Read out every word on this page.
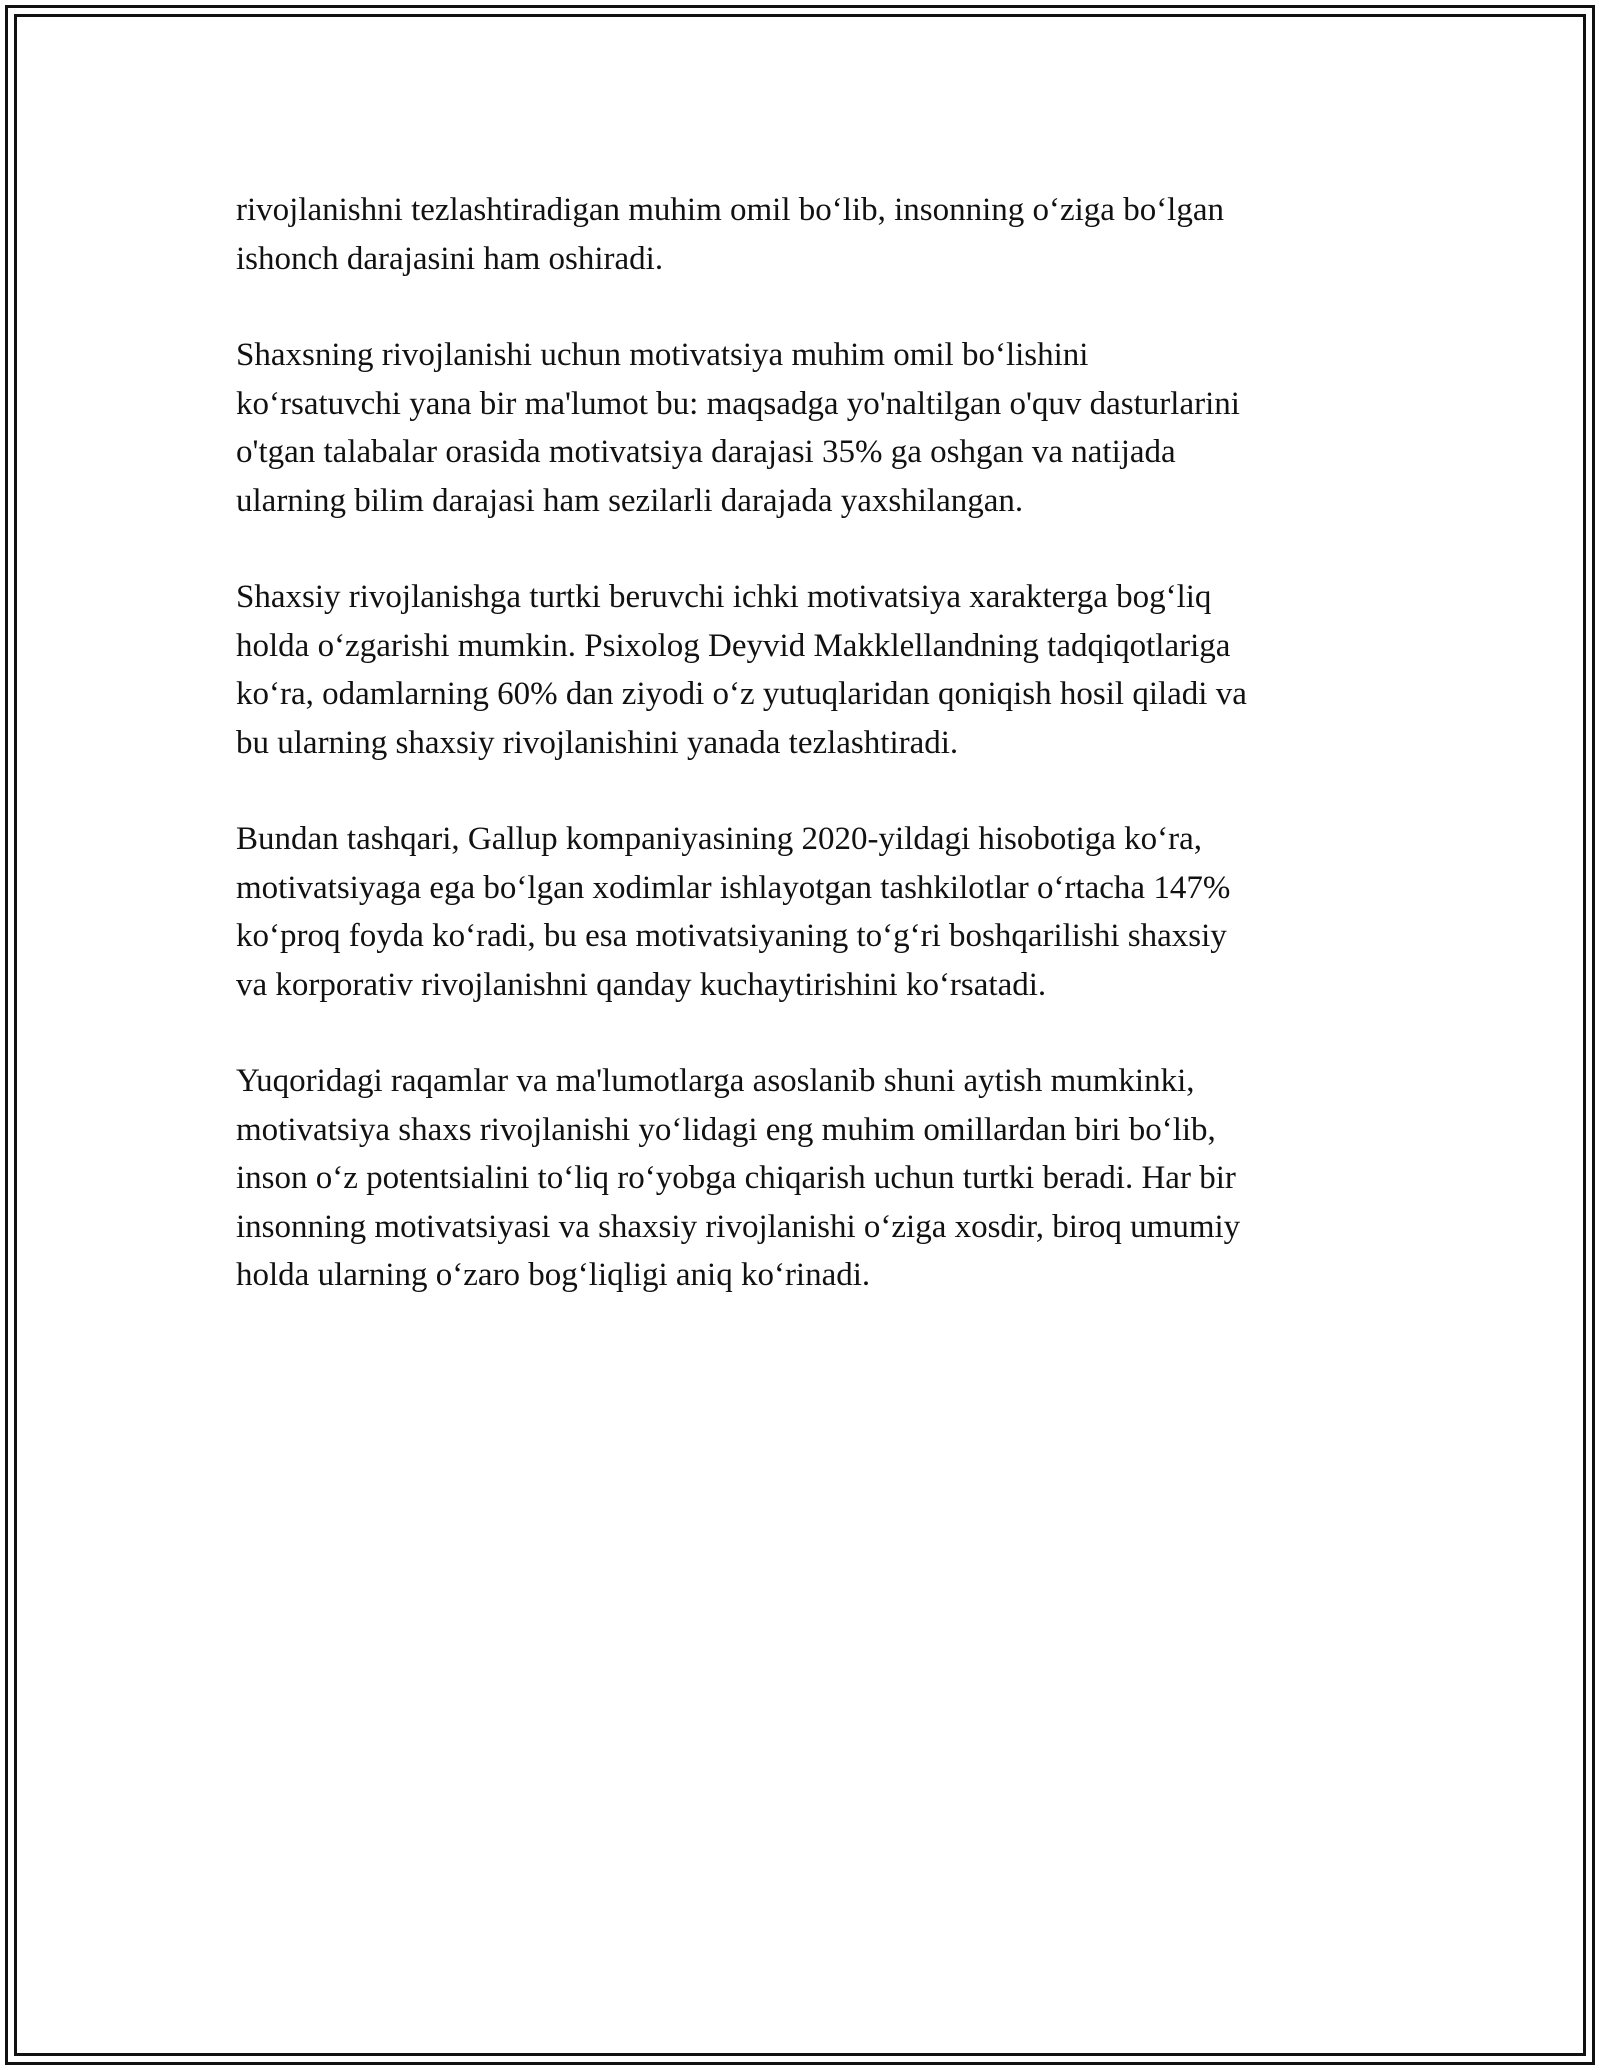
rivojlanishni tezlashtiradigan muhim omil bo‘lib, insonning o‘ziga bo‘lgan
ishonch darajasini ham oshiradi.

Shaxsning rivojlanishi uchun motivatsiya muhim omil bo‘lishini
ko‘rsatuvchi yana bir ma'lumot bu: maqsadga yo'naltilgan o'quv dasturlarini
o'tgan talabalar orasida motivatsiya darajasi 35% ga oshgan va natijada
ularning bilim darajasi ham sezilarli darajada yaxshilangan.

Shaxsiy rivojlanishga turtki beruvchi ichki motivatsiya xarakterga bog‘liq
holda o‘zgarishi mumkin. Psixolog Deyvid Makklellandning tadqiqotlariga
ko‘ra, odamlarning 60% dan ziyodi o‘z yutuqlaridan qoniqish hosil qiladi va
bu ularning shaxsiy rivojlanishini yanada tezlashtiradi.

Bundan tashqari, Gallup kompaniyasining 2020-yildagi hisobotiga ko‘ra,
motivatsiyaga ega bo‘lgan xodimlar ishlayotgan tashkilotlar o‘rtacha 147%
ko‘proq foyda ko‘radi, bu esa motivatsiyaning to‘g‘ri boshqarilishi shaxsiy
va korporativ rivojlanishni qanday kuchaytirishini ko‘rsatadi.

Yuqoridagi raqamlar va ma'lumotlarga asoslanib shuni aytish mumkinki,
motivatsiya shaxs rivojlanishi yo‘lidagi eng muhim omillardan biri bo‘lib,
inson o‘z potentsialini to‘liq ro‘yobga chiqarish uchun turtki beradi. Har bir
insonning motivatsiyasi va shaxsiy rivojlanishi o‘ziga xosdir, biroq umumiy
holda ularning o‘zaro bog‘liqligi aniq ko‘rinadi.
